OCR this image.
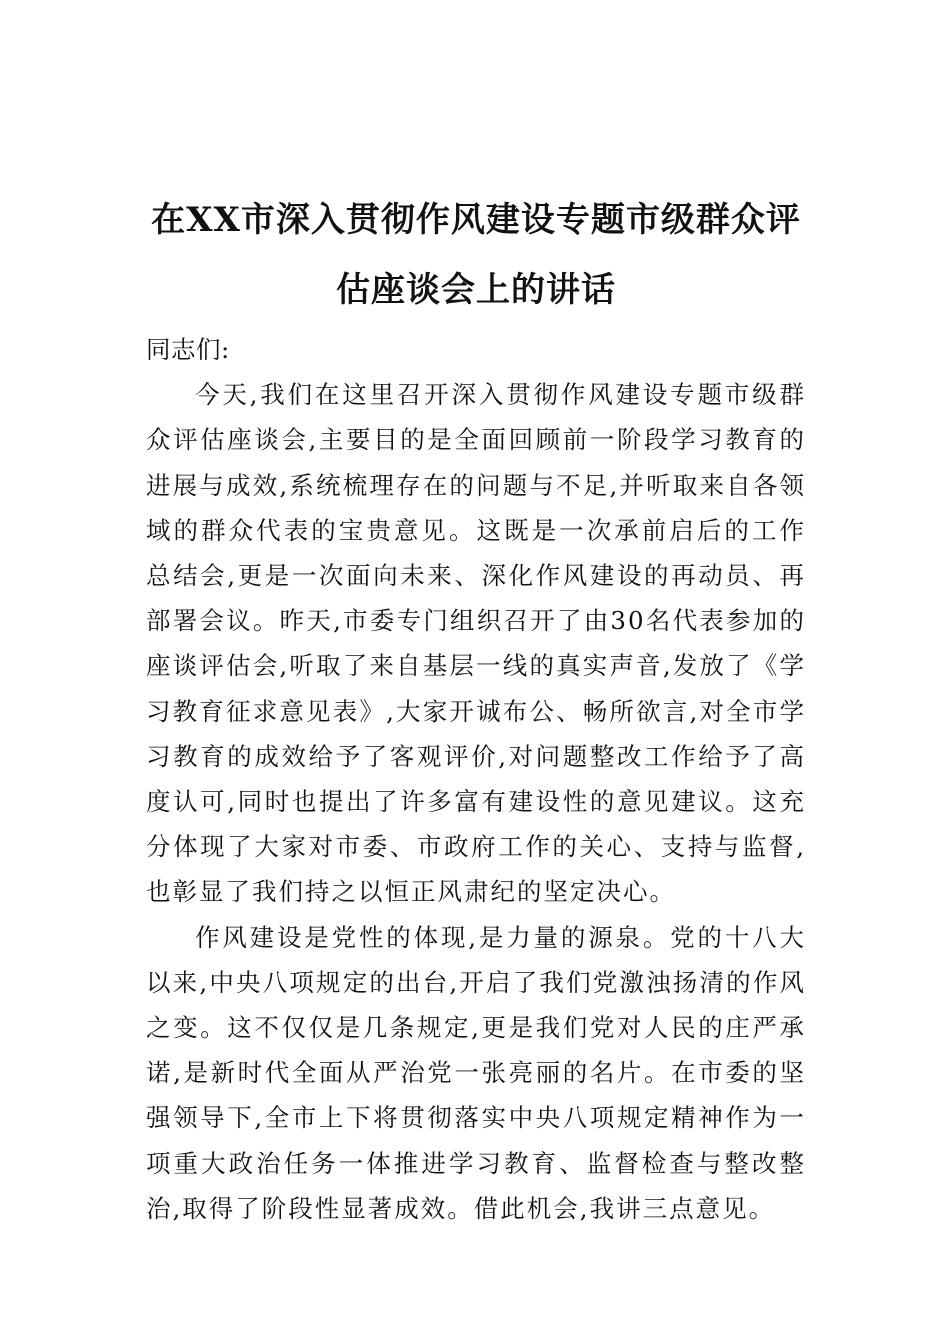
在XX市深入贯彻作风建设专题市级群众评
估座谈会上的讲话

同志们:

今天,我们在这里召开深入贯彻作风建设专题市级群众评估座谈会,主要目的是全面回顾前一阶段学习教育的进展与成效,系统梳理存在的问题与不足,并听取来自各领域的群众代表的宝贵意见。这既是一次承前启后的工作总结会,更是一次面向未来、深化作风建设的再动员、再部署会议。昨天,市委专门组织召开了由30名代表参加的座谈评估会,听取了来自基层一线的真实声音,发放了《学习教育征求意见表》,大家开诚布公、畅所欲言,对全市学习教育的成效给予了客观评价,对问题整改工作给予了高度认可,同时也提出了许多富有建设性的意见建议。这充分体现了大家对市委、市政府工作的关心、支持与监督,也彰显了我们持之以恒正风肃纪的坚定决心。

作风建设是党性的体现,是力量的源泉。党的十八大以来,中央八项规定的出台,开启了我们党激浊扬清的作风之变。这不仅仅是几条规定,更是我们党对人民的庄严承诺,是新时代全面从严治党一张亮丽的名片。在市委的坚强领导下,全市上下将贯彻落实中央八项规定精神作为一项重大政治任务一体推进学习教育、监督检查与整改整治,取得了阶段性显著成效。借此机会,我讲三点意见。
